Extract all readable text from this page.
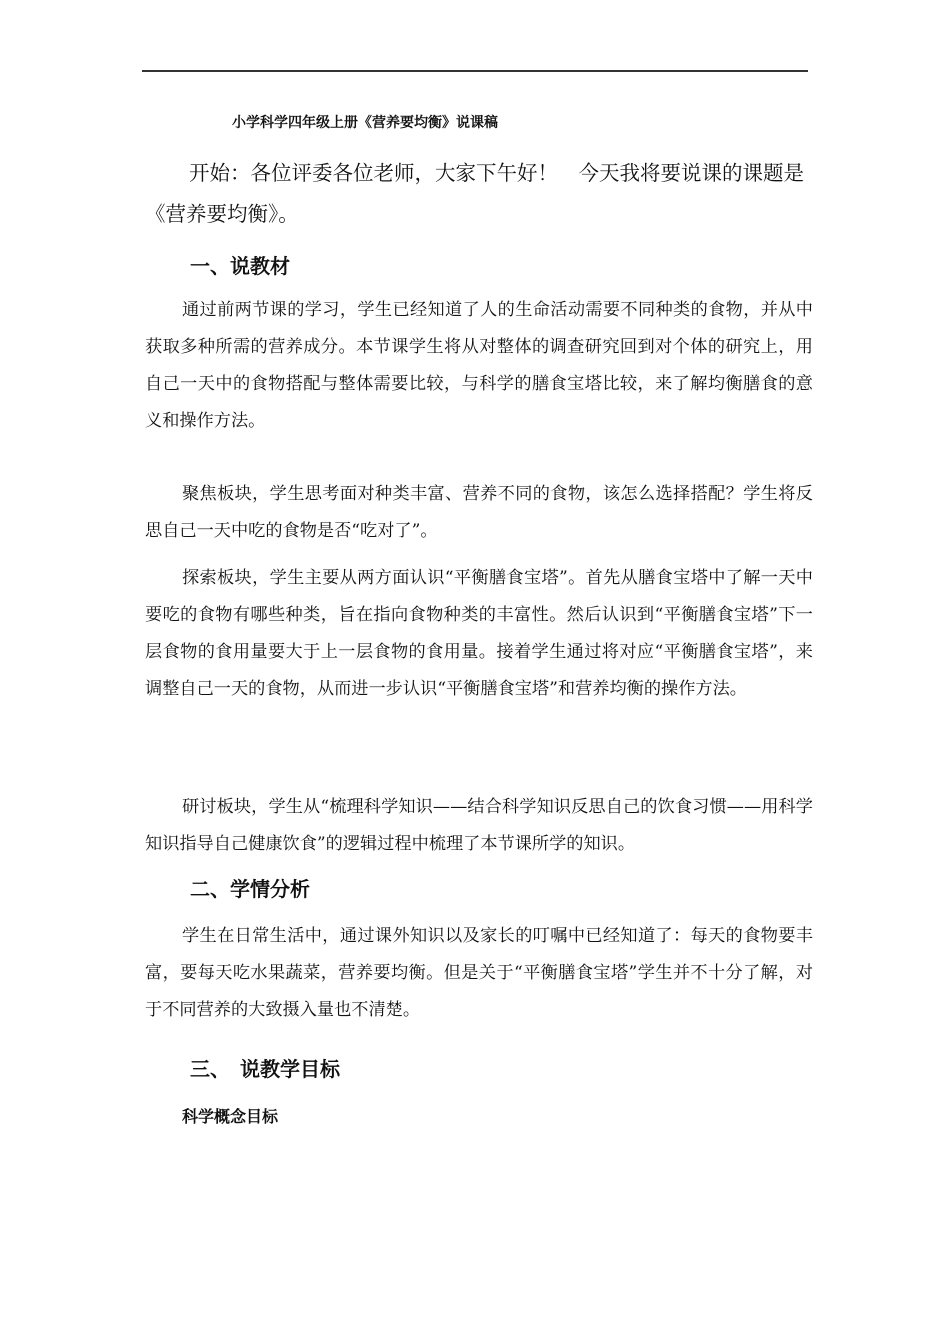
小学科学四年级上册《营养要均衡》说课稿

开始：各位评委各位老师，大家下午好！　今天我将要说课的课题是《营养要均衡》。

一、说教材

通过前两节课的学习，学生已经知道了人的生命活动需要不同种类的食物，并从中获取多种所需的营养成分。本节课学生将从对整体的调查研究回到对个体的研究上，用自己一天中的食物搭配与整体需要比较，与科学的膳食宝塔比较，来了解均衡膳食的意义和操作方法。

聚焦板块，学生思考面对种类丰富、营养不同的食物，该怎么选择搭配？学生将反思自己一天中吃的食物是否“吃对了”。

探索板块，学生主要从两方面认识“平衡膳食宝塔”。首先从膳食宝塔中了解一天中要吃的食物有哪些种类，旨在指向食物种类的丰富性。然后认识到“平衡膳食宝塔”下一层食物的食用量要大于上一层食物的食用量。接着学生通过将对应“平衡膳食宝塔”，来调整自己一天的食物，从而进一步认识“平衡膳食宝塔”和营养均衡的操作方法。

研讨板块，学生从“梳理科学知识——结合科学知识反思自己的饮食习惯——用科学知识指导自己健康饮食”的逻辑过程中梳理了本节课所学的知识。

二、学情分析

学生在日常生活中，通过课外知识以及家长的叮嘱中已经知道了：每天的食物要丰富，要每天吃水果蔬菜，营养要均衡。但是关于“平衡膳食宝塔”学生并不十分了解，对于不同营养的大致摄入量也不清楚。

三、　说教学目标
科学概念目标
